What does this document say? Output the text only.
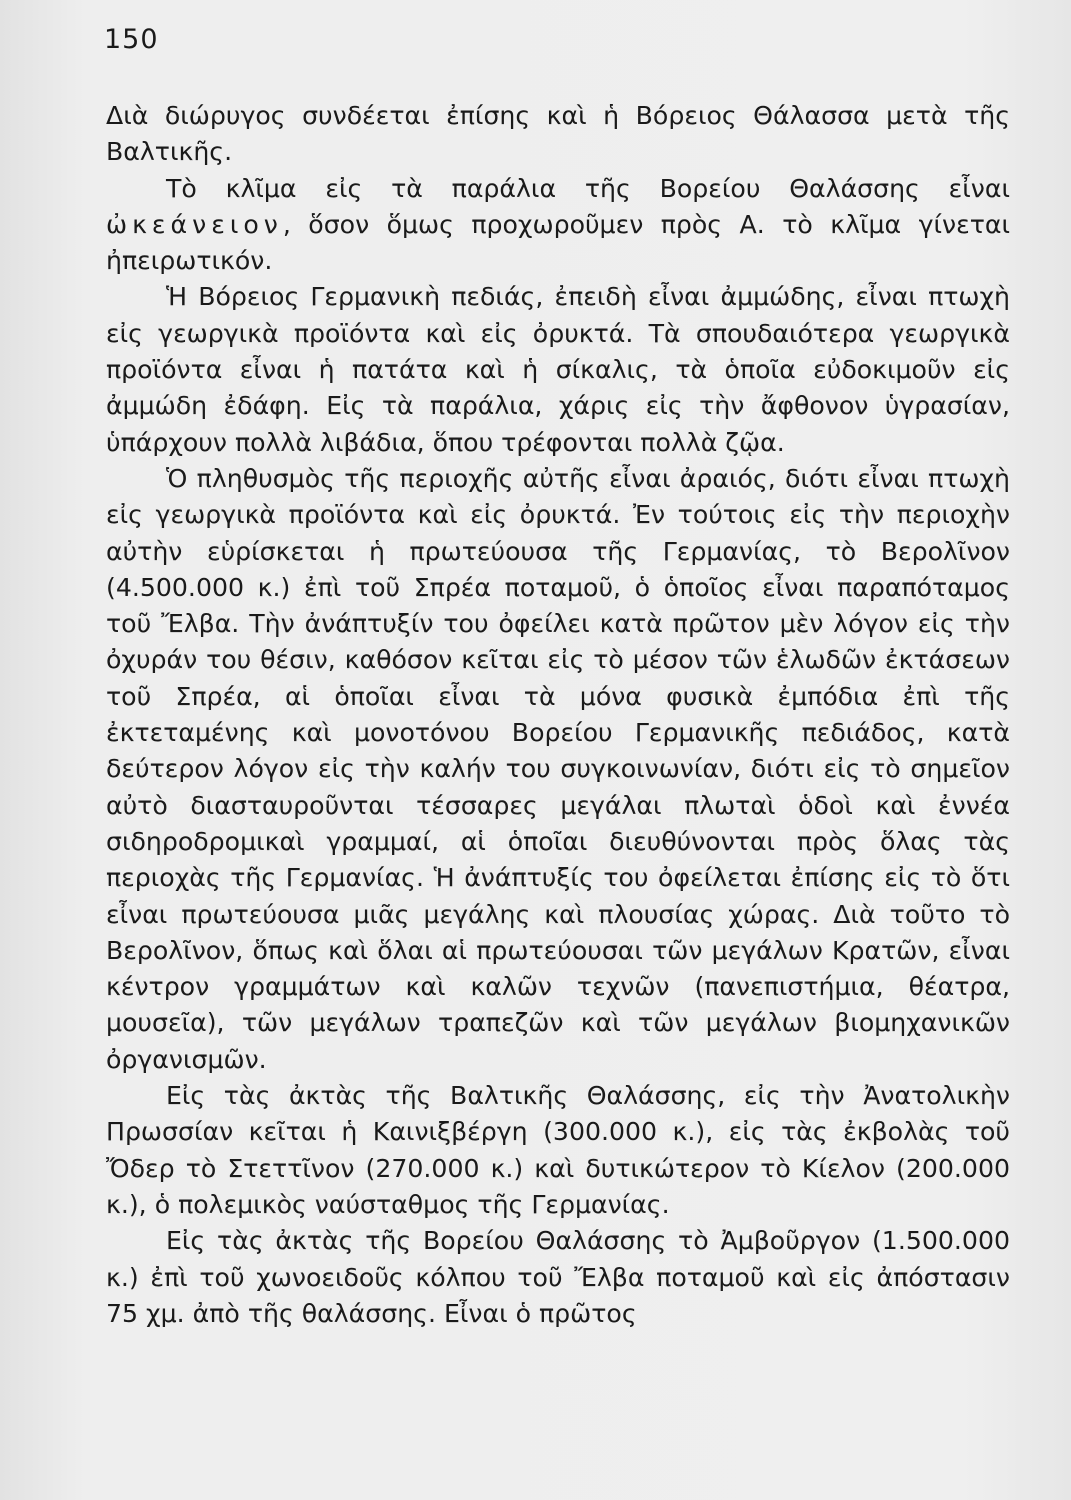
150

Διὰ διώρυγος συνδέεται ἐπίσης καὶ ἡ Βόρειος Θάλασσα μετὰ τῆς Βαλτικῆς.

Τὸ κλῖμα εἰς τὰ παράλια τῆς Βορείου Θαλάσσης εἶναι ὠκεάνειον, ὅσον ὅμως προχωροῦμεν πρὸς Α. τὸ κλῖμα γίνεται ἠπειρωτικόν.

Ἡ Βόρειος Γερμανικὴ πεδιάς, ἐπειδὴ εἶναι ἀμμώδης, εἶναι πτωχὴ εἰς γεωργικὰ προϊόντα καὶ εἰς ὀρυκτά. Τὰ σπουδαιότερα γεωργικὰ προϊόντα εἶναι ἡ πατάτα καὶ ἡ σίκαλις, τὰ ὁποῖα εὐδοκιμοῦν εἰς ἀμμώδη ἐδάφη. Εἰς τὰ παράλια, χάρις εἰς τὴν ἄφθονον ὑγρασίαν, ὑπάρχουν πολλὰ λιβάδια, ὅπου τρέφονται πολλὰ ζῷα.

Ὁ πληθυσμὸς τῆς περιοχῆς αὐτῆς εἶναι ἀραιός, διότι εἶναι πτωχὴ εἰς γεωργικὰ προϊόντα καὶ εἰς ὀρυκτά. Ἐν τούτοις εἰς τὴν περιοχὴν αὐτὴν εὑρίσκεται ἡ πρωτεύουσα τῆς Γερμανίας, τὸ Βερολῖνον (4.500.000 κ.) ἐπὶ τοῦ Σπρέα ποταμοῦ, ὁ ὁποῖος εἶναι παραπόταμος τοῦ Ἔλβα. Τὴν ἀνάπτυξίν του ὀφείλει κατὰ πρῶτον μὲν λόγον εἰς τὴν ὀχυράν του θέσιν, καθόσον κεῖται εἰς τὸ μέσον τῶν ἑλωδῶν ἐκτάσεων τοῦ Σπρέα, αἱ ὁποῖαι εἶναι τὰ μόνα φυσικὰ ἐμπόδια ἐπὶ τῆς ἐκτεταμένης καὶ μονοτόνου Βορείου Γερμανικῆς πεδιάδος, κατὰ δεύτερον λόγον εἰς τὴν καλήν του συγκοινωνίαν, διότι εἰς τὸ σημεῖον αὐτὸ διασταυροῦνται τέσσαρες μεγάλαι πλωταὶ ὁδοὶ καὶ ἐννέα σιδηροδρομικαὶ γραμμαί, αἱ ὁποῖαι διευθύνονται πρὸς ὅλας τὰς περιοχὰς τῆς Γερμανίας. Ἡ ἀνάπτυξίς του ὀφείλεται ἐπίσης εἰς τὸ ὅτι εἶναι πρωτεύουσα μιᾶς μεγάλης καὶ πλουσίας χώρας. Διὰ τοῦτο τὸ Βερολῖνον, ὅπως καὶ ὅλαι αἱ πρωτεύουσαι τῶν μεγάλων Κρατῶν, εἶναι κέντρον γραμμάτων καὶ καλῶν τεχνῶν (πανεπιστήμια, θέατρα, μουσεῖα), τῶν μεγάλων τραπεζῶν καὶ τῶν μεγάλων βιομηχανικῶν ὀργανισμῶν.

Εἰς τὰς ἀκτὰς τῆς Βαλτικῆς Θαλάσσης, εἰς τὴν Ἀνατολικὴν Πρωσσίαν κεῖται ἡ Καινιξβέργη (300.000 κ.), εἰς τὰς ἐκβολὰς τοῦ Ὄδερ τὸ Στεττῖνον (270.000 κ.) καὶ δυτικώτερον τὸ Κίελον (200.000 κ.), ὁ πολεμικὸς ναύσταθμος τῆς Γερμανίας.

Εἰς τὰς ἀκτὰς τῆς Βορείου Θαλάσσης τὸ Ἀμβοῦργον (1.500.000 κ.) ἐπὶ τοῦ χωνοειδοῦς κόλπου τοῦ Ἔλβα ποταμοῦ καὶ εἰς ἀπόστασιν 75 χμ. ἀπὸ τῆς θαλάσσης. Εἶναι ὁ πρῶτος
